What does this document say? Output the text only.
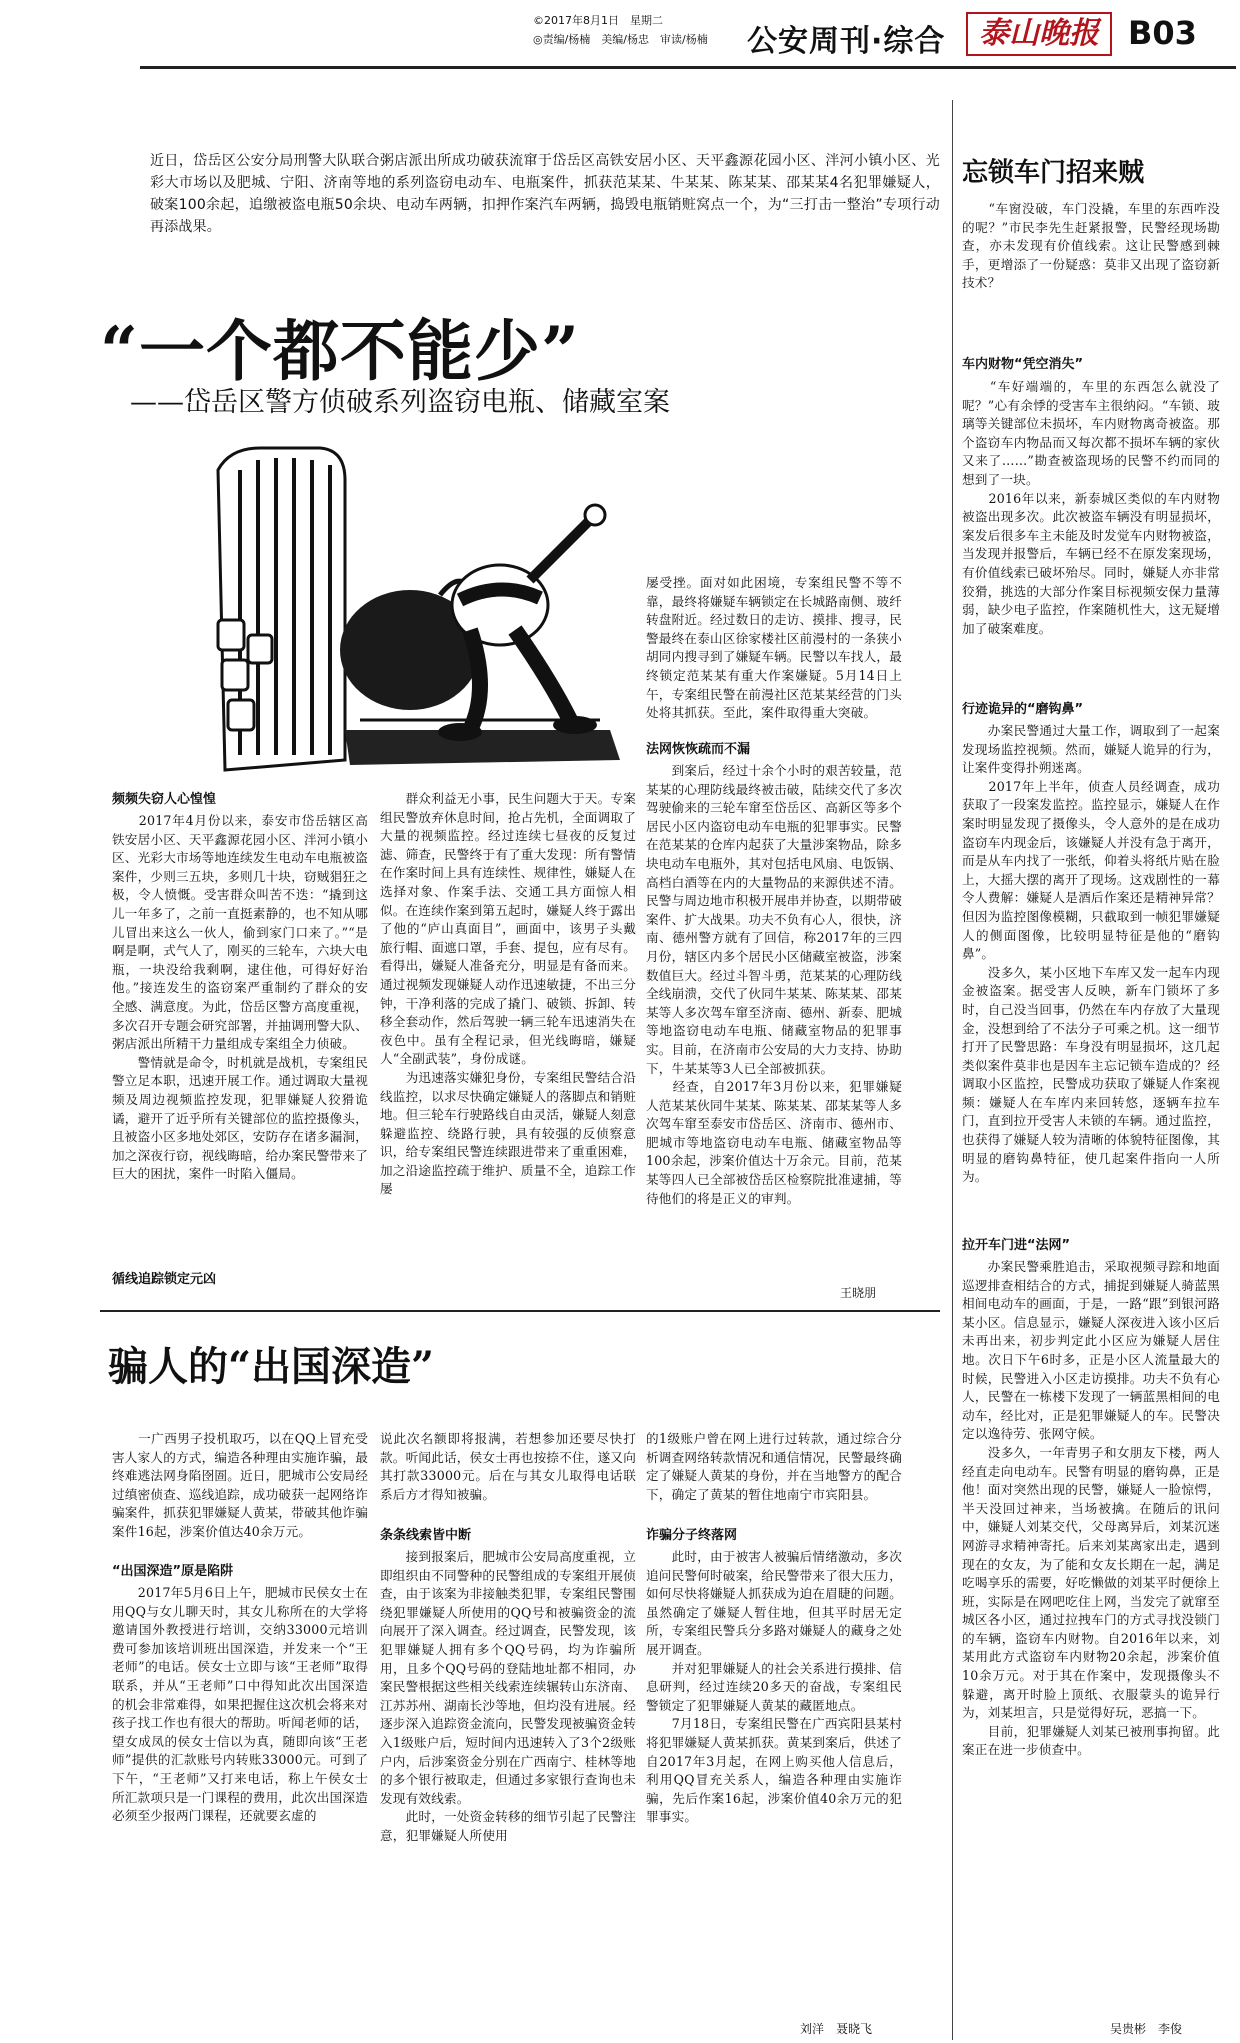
©2017年8月1日　星期二
◎责编/杨楠　美编/杨忠　审读/杨楠 公安周刊·综合	泰山晚报 B03
近日，岱岳区公安分局刑警大队联合粥店派出所成功破获流窜于岱岳区高铁安居小区、天平鑫源花园小区、泮河小镇小区、光彩大市场以及肥城、宁阳、济南等地的系列盗窃电动车、电瓶案件，抓获范某某、牛某某、陈某某、邵某某4名犯罪嫌疑人，破案100余起，追缴被盗电瓶50余块、电动车两辆，扣押作案汽车两辆，捣毁电瓶销赃窝点一个，为“三打击一整治”专项行动再添战果。
“一个都不能少”
——岱岳区警方侦破系列盗窃电瓶、储藏室案
频频失窃人心惶惶
　　2017年4月份以来，泰安市岱岳辖区高铁安居小区、天平鑫源花园小区、泮河小镇小区、光彩大市场等地连续发生电动车电瓶被盗案件，少则三五块，多则几十块，窃贼猖狂之极，令人愤慨。受害群众叫苦不迭：“撬到这儿一年多了，之前一直挺素静的，也不知从哪儿冒出来这么一伙人，偷到家门口来了。”“是啊是啊，式气人了，刚买的三轮车，六块大电瓶，一块没给我剩啊，逮住他，可得好好治他。”接连发生的盗窃案严重制约了群众的安全感、满意度。为此，岱岳区警方高度重视，多次召开专题会研究部署，并抽调刑警大队、粥店派出所精干力量组成专案组全力侦破。
　　警情就是命令，时机就是战机，专案组民警立足本职，迅速开展工作。通过调取大量视频及周边视频监控发现，犯罪嫌疑人狡猾诡谲，避开了近乎所有关键部位的监控摄像头，且被盗小区多地处郊区，安防存在诸多漏洞，加之深夜行窃，视线晦暗，给办案民警带来了巨大的困扰，案件一时陷入僵局。
循线追踪锁定元凶
　　群众利益无小事，民生问题大于天。专案组民警放弃休息时间，抢占先机，全面调取了大量的视频监控。经过连续七昼夜的反复过滤、筛查，民警终于有了重大发现：所有警情在作案时间上具有连续性、规律性，嫌疑人在选择对象、作案手法、交通工具方面惊人相似。在连续作案到第五起时，嫌疑人终于露出了他的“庐山真面目”，画面中，该男子头戴旅行帽、面遮口罩，手套、提包，应有尽有。看得出，嫌疑人准备充分，明显是有备而来。通过视频发现嫌疑人动作迅速敏捷，不出三分钟，干净利落的完成了撬门、破锁、拆卸、转移全套动作，然后驾驶一辆三轮车迅速消失在夜色中。虽有全程记录，但光线晦暗，嫌疑人“全副武装”，身份成谜。
　　为迅速落实嫌犯身份，专案组民警结合沿线监控，以求尽快确定嫌疑人的落脚点和销赃地。但三轮车行驶路线自由灵活，嫌疑人刻意躲避监控、绕路行驶，具有较强的反侦察意识，给专案组民警连续跟进带来了重重困难，加之沿途监控疏于维护、质量不全，追踪工作屡
屡受挫。面对如此困境，专案组民警不等不靠，最终将嫌疑车辆锁定在长城路南侧、玻纤转盘附近。经过数日的走访、摸排、搜寻，民警最终在泰山区徐家楼社区前漫村的一条狭小胡同内搜寻到了嫌疑车辆。民警以车找人，最终锁定范某某有重大作案嫌疑。5月14日上午，专案组民警在前漫社区范某某经营的门头处将其抓获。至此，案件取得重大突破。
法网恢恢疏而不漏
　　到案后，经过十余个小时的艰苦较量，范某某的心理防线最终被击破，陆续交代了多次驾驶偷来的三轮车窜至岱岳区、高新区等多个居民小区内盗窃电动车电瓶的犯罪事实。民警在范某某的仓库内起获了大量涉案物品，除多块电动车电瓶外，其对包括电风扇、电饭锅、高档白酒等在内的大量物品的来源供述不清。民警与周边地市积极开展串并协查，以期带破案件、扩大战果。功夫不负有心人，很快，济南、德州警方就有了回信，称2017年的三四月份，辖区内多个居民小区储藏室被盗，涉案数值巨大。经过斗智斗勇，范某某的心理防线全线崩溃，交代了伙同牛某某、陈某某、邵某某等人多次驾车窜至济南、德州、新泰、肥城等地盗窃电动车电瓶、储藏室物品的犯罪事实。目前，在济南市公安局的大力支持、协助下，牛某某等3人已全部被抓获。
　　经查，自2017年3月份以来，犯罪嫌疑人范某某伙同牛某某、陈某某、邵某某等人多次驾车窜至泰安市岱岳区、济南市、德州市、肥城市等地盗窃电动车电瓶、储藏室物品等100余起，涉案价值达十万余元。目前，范某某等四人已全部被岱岳区检察院批准逮捕，等待他们的将是正义的审判。
王晓朋
骗人的“出国深造”
　　一广西男子投机取巧，以在QQ上冒充受害人家人的方式，编造各种理由实施诈骗，最终难逃法网身陷囹圄。近日，肥城市公安局经过缜密侦查、巡线追踪，成功破获一起网络诈骗案件，抓获犯罪嫌疑人黄某，带破其他诈骗案件16起，涉案价值达40余万元。
“出国深造”原是陷阱
　　2017年5月6日上午，肥城市民侯女士在用QQ与女儿聊天时，其女儿称所在的大学将邀请国外教授进行培训，交纳33000元培训费可参加该培训班出国深造，并发来一个“王老师”的电话。侯女士立即与该“王老师”取得联系，并从“王老师”口中得知此次出国深造的机会非常难得，如果把握住这次机会将来对孩子找工作也有很大的帮助。听闻老师的话，望女成凤的侯女士信以为真，随即向该“王老师”提供的汇款账号内转账33000元。可到了下午，“王老师”又打来电话，称上午侯女士所汇款项只是一门课程的费用，此次出国深造必须至少报两门课程，还就要玄虚的
说此次名额即将报满，若想参加还要尽快打款。听闻此话，侯女士再也按捺不住，遂又向其打款33000元。后在与其女儿取得电话联系后方才得知被骗。
条条线索皆中断
　　接到报案后，肥城市公安局高度重视，立即组织由不同警种的民警组成的专案组开展侦查，由于该案为非接触类犯罪，专案组民警围绕犯罪嫌疑人所使用的QQ号和被骗资金的流向展开了深入调查。经过调查，民警发现，该犯罪嫌疑人拥有多个QQ号码，均为诈骗所用，且多个QQ号码的登陆地址都不相同，办案民警根据这些相关线索连续辗转山东济南、江苏苏州、湖南长沙等地，但均没有进展。经逐步深入追踪资金流向，民警发现被骗资金转入1级账户后，短时间内迅速转入了3个2级账户内，后涉案资金分别在广西南宁、桂林等地的多个银行被取走，但通过多家银行查询也未发现有效线索。
　　此时，一处资金转移的细节引起了民警注意，犯罪嫌疑人所使用
的1级账户曾在网上进行过转款，通过综合分析调查网络转款情况和通信情况，民警最终确定了嫌疑人黄某的身份，并在当地警方的配合下，确定了黄某的暂住地南宁市宾阳县。
诈骗分子终落网
　　此时，由于被害人被骗后情绪激动，多次追问民警何时破案，给民警带来了很大压力，如何尽快将嫌疑人抓获成为迫在眉睫的问题。虽然确定了嫌疑人暂住地，但其平时居无定所，专案组民警兵分多路对嫌疑人的藏身之处展开调查。
　　并对犯罪嫌疑人的社会关系进行摸排、信息研判，经过连续20多天的奋战，专案组民警锁定了犯罪嫌疑人黄某的藏匿地点。
　　7月18日，专案组民警在广西宾阳县某村将犯罪嫌疑人黄某抓获。黄某到案后，供述了自2017年3月起，在网上购买他人信息后，利用QQ冒充关系人，编造各种理由实施诈骗，先后作案16起，涉案价值40余万元的犯罪事实。
刘洋　聂晓飞
忘锁车门招来贼
　　“车窗没破，车门没撬，车里的东西咋没的呢？”市民李先生赶紧报警，民警经现场勘查，亦未发现有价值线索。这让民警感到棘手，更增添了一份疑惑：莫非又出现了盗窃新技术？
车内财物“凭空消失”
　　“车好端端的，车里的东西怎么就没了呢？”心有余悸的受害车主很纳闷。“车锁、玻璃等关键部位未损坏，车内财物离奇被盗。那个盗窃车内物品而又每次都不损坏车辆的家伙又来了……”勘查被盗现场的民警不约而同的想到了一块。
　　2016年以来，新泰城区类似的车内财物被盗出现多次。此次被盗车辆没有明显损坏，案发后很多车主未能及时发觉车内财物被盗，当发现并报警后，车辆已经不在原发案现场，有价值线索已破坏殆尽。同时，嫌疑人亦非常狡猾，挑选的大部分作案目标视频安保力量薄弱，缺少电子监控，作案随机性大，这无疑增加了破案难度。
行迹诡异的“磨钩鼻”
　　办案民警通过大量工作，调取到了一起案发现场监控视频。然而，嫌疑人诡异的行为，让案件变得扑朔迷离。
　　2017年上半年，侦查人员经调查，成功获取了一段案发监控。监控显示，嫌疑人在作案时明显发现了摄像头，令人意外的是在成功盗窃车内现金后，该嫌疑人并没有急于离开，而是从车内找了一张纸，仰着头将纸片贴在脸上，大摇大摆的离开了现场。这戏剧性的一幕令人费解：嫌疑人是酒后作案还是精神异常？但因为监控图像模糊，只截取到一帧犯罪嫌疑人的侧面图像，比较明显特征是他的“磨钩鼻”。
　　没多久，某小区地下车库又发一起车内现金被盗案。据受害人反映，新车门锁坏了多时，自己没当回事，仍然在车内存放了大量现金，没想到给了不法分子可乘之机。这一细节打开了民警思路：车身没有明显损坏，这几起类似案件莫非也是因车主忘记锁车造成的？经调取小区监控，民警成功获取了嫌疑人作案视频：嫌疑人在车库内来回转悠，逐辆车拉车门，直到拉开受害人未锁的车辆。通过监控，也获得了嫌疑人较为清晰的体貌特征图像，其明显的磨钩鼻特征，使几起案件指向一人所为。
拉开车门进“法网”
　　办案民警乘胜追击，采取视频寻踪和地面巡逻排查相结合的方式，捕捉到嫌疑人骑蓝黑相间电动车的画面，于是，一路“跟”到银河路某小区。信息显示，嫌疑人深夜进入该小区后未再出来，初步判定此小区应为嫌疑人居住地。次日下午6时多，正是小区人流量最大的时候，民警进入小区走访摸排。功夫不负有心人，民警在一栋楼下发现了一辆蓝黑相间的电动车，经比对，正是犯罪嫌疑人的车。民警决定以逸待劳、张网守候。
　　没多久，一年青男子和女朋友下楼，两人经直走向电动车。民警有明显的磨钩鼻，正是他！面对突然出现的民警，嫌疑人一脸惊愕，半天没回过神来，当场被擒。在随后的讯问中，嫌疑人刘某交代，父母离异后，刘某沉迷网游寻求精神寄托。后来刘某离家出走，遇到现在的女友，为了能和女友长期在一起，满足吃喝享乐的需要，好吃懒做的刘某平时便徐上班，实际是在网吧吃住上网，当发完了就窜至城区各小区，通过拉拽车门的方式寻找没锁门的车辆，盗窃车内财物。自2016年以来，刘某用此方式盗窃车内财物20余起，涉案价值10余万元。对于其在作案中，发现摄像头不躲避，离开时脸上顶纸、衣服蒙头的诡异行为，刘某坦言，只是觉得好玩，恶搞一下。
　　目前，犯罪嫌疑人刘某已被刑事拘留。此案正在进一步侦查中。
吴贵彬　李俊
